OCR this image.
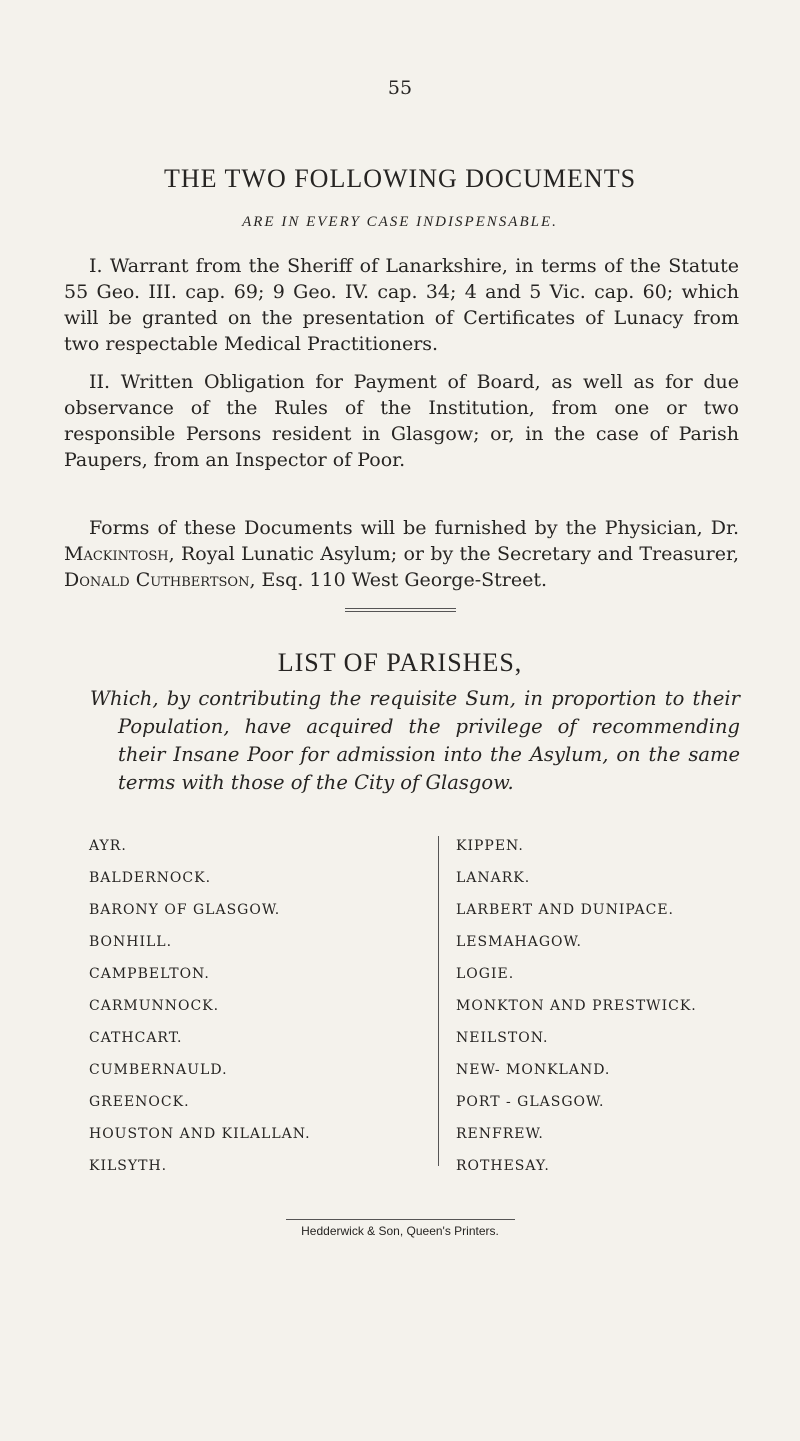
55
THE TWO FOLLOWING DOCUMENTS
ARE IN EVERY CASE INDISPENSABLE.

I. Warrant from the Sheriff of Lanarkshire, in terms of the Statute 55 Geo. III. cap. 69; 9 Geo. IV. cap. 34; 4 and 5 Vic. cap. 60; which will be granted on the presentation of Certificates of Lunacy from two respectable Medical Practitioners.

II. Written Obligation for Payment of Board, as well as for due observance of the Rules of the Institution, from one or two responsible Persons resident in Glasgow; or, in the case of Parish Paupers, from an Inspector of Poor.

Forms of these Documents will be furnished by the Physician, Dr. Mackintosh, Royal Lunatic Asylum; or by the Secretary and Treasurer, Donald Cuthbertson, Esq. 110 West George-Street.

LIST OF PARISHES,

Which, by contributing the requisite Sum, in proportion to their Population, have acquired the privilege of recommending their Insane Poor for admission into the Asylum, on the same terms with those of the City of Glasgow.

AYR.
BALDERNOCK.
BARONY OF GLASGOW.
BONHILL.
CAMPBELTON.
CARMUNNOCK.
CATHCART.
CUMBERNAULD.
GREENOCK.
HOUSTON AND KILALLAN.
KILSYTH.
KIPPEN.
LANARK.
LARBERT AND DUNIPACE.
LESMAHAGOW.
LOGIE.
MONKTON AND PRESTWICK.
NEILSTON.
NEW- MONKLAND.
PORT - GLASGOW.
RENFREW.
ROTHESAY.
Hedderwick & Son, Queen's Printers.
